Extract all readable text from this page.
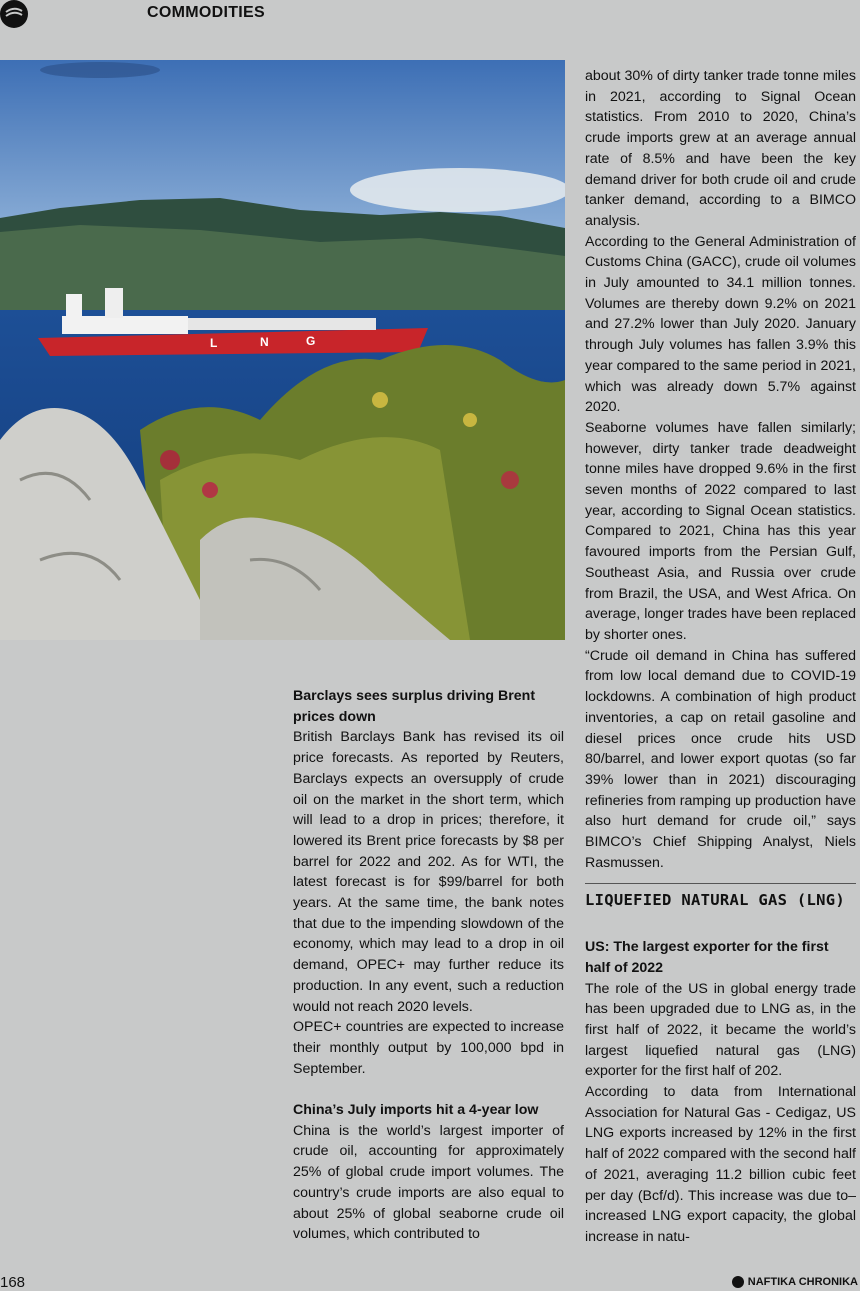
COMMODITIES
L	N	G

Barclays sees surplus driving Brent prices down

British Barclays Bank has revised its oil price forecasts. As reported by Reuters, Barclays expects an oversupply of crude oil on the market in the short term, which will lead to a drop in prices; therefore, it lowered its Brent price forecasts by $8 per barrel for 2022 and 202. As for WTI, the latest forecast is for $99/barrel for both years. At the same time, the bank notes that due to the impending slowdown of the economy, which may lead to a drop in oil demand, OPEC+ may further reduce its production. In any event, such a reduction would not reach 2020 levels.

OPEC+ countries are expected to increase their monthly output by 100,000 bpd in September.

China’s July imports hit a 4-year low

China is the world’s largest importer of crude oil, accounting for approximately 25% of global crude import volumes. The country’s crude imports are also equal to about 25% of global seaborne crude oil volumes, which contributed to

about 30% of dirty tanker trade tonne miles in 2021, according to Signal Ocean statistics. From 2010 to 2020, China’s crude imports grew at an average annual rate of 8.5% and have been the key demand driver for both crude oil and crude tanker demand, according to a BIMCO analysis.

According to the General Administration of Customs China (GACC), crude oil volumes in July amounted to 34.1 million tonnes. Volumes are thereby down 9.2% on 2021 and 27.2% lower than July 2020. January through July volumes has fallen 3.9% this year compared to the same period in 2021, which was already down 5.7% against 2020.

Seaborne volumes have fallen similarly; however, dirty tanker trade deadweight tonne miles have dropped 9.6% in the first seven months of 2022 compared to last year, according to Signal Ocean statistics. Compared to 2021, China has this year favoured imports from the Persian Gulf, Southeast Asia, and Russia over crude from Brazil, the USA, and West Africa. On average, longer trades have been replaced by shorter ones.

“Crude oil demand in China has suffered from low local demand due to COVID-19 lockdowns. A combination of high product inventories, a cap on retail gasoline and diesel prices once crude hits USD 80/barrel, and lower export quotas (so far 39% lower than in 2021) discouraging refineries from ramping up production have also hurt demand for crude oil,” says BIMCO’s Chief Shipping Analyst, Niels Rasmussen.

LIQUEFIED NATURAL GAS (LNG)

US: The largest exporter for the first half of 2022

The role of the US in global energy trade has been upgraded due to LNG as, in the first half of 2022, it became the world’s largest liquefied natural gas (LNG) exporter for the first half of 202.

According to data from International Association for Natural Gas - Cedigaz, US LNG exports increased by 12% in the first half of 2022 compared with the second half of 2021, averaging 11.2 billion cubic feet per day (Bcf/d). This increase was due to– increased LNG export capacity, the global increase in natu-

168	NAFTIKA CHRONIKA
